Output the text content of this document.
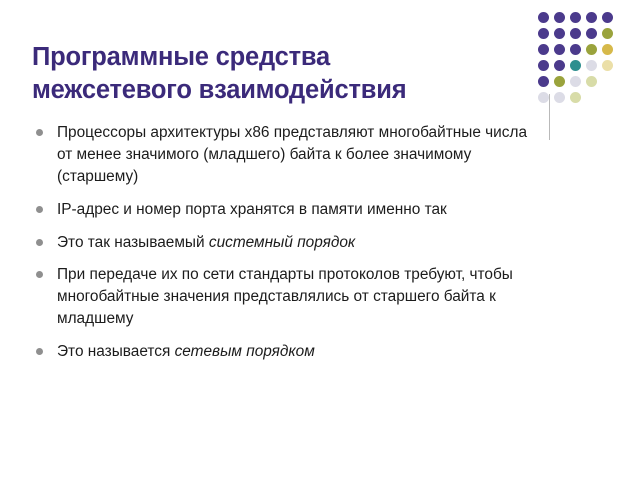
Программные средства
межсетевого взаимодействия
Процессоры архитектуры x86 представляют многобайтные числа от менее значимого (младшего) байта к более значимому (старшему)
IP-адрес и номер порта хранятся в памяти именно так
Это так называемый системный порядок
При передаче их по сети стандарты протоколов требуют, чтобы многобайтные значения представлялись от старшего байта к младшему
Это называется сетевым порядком
